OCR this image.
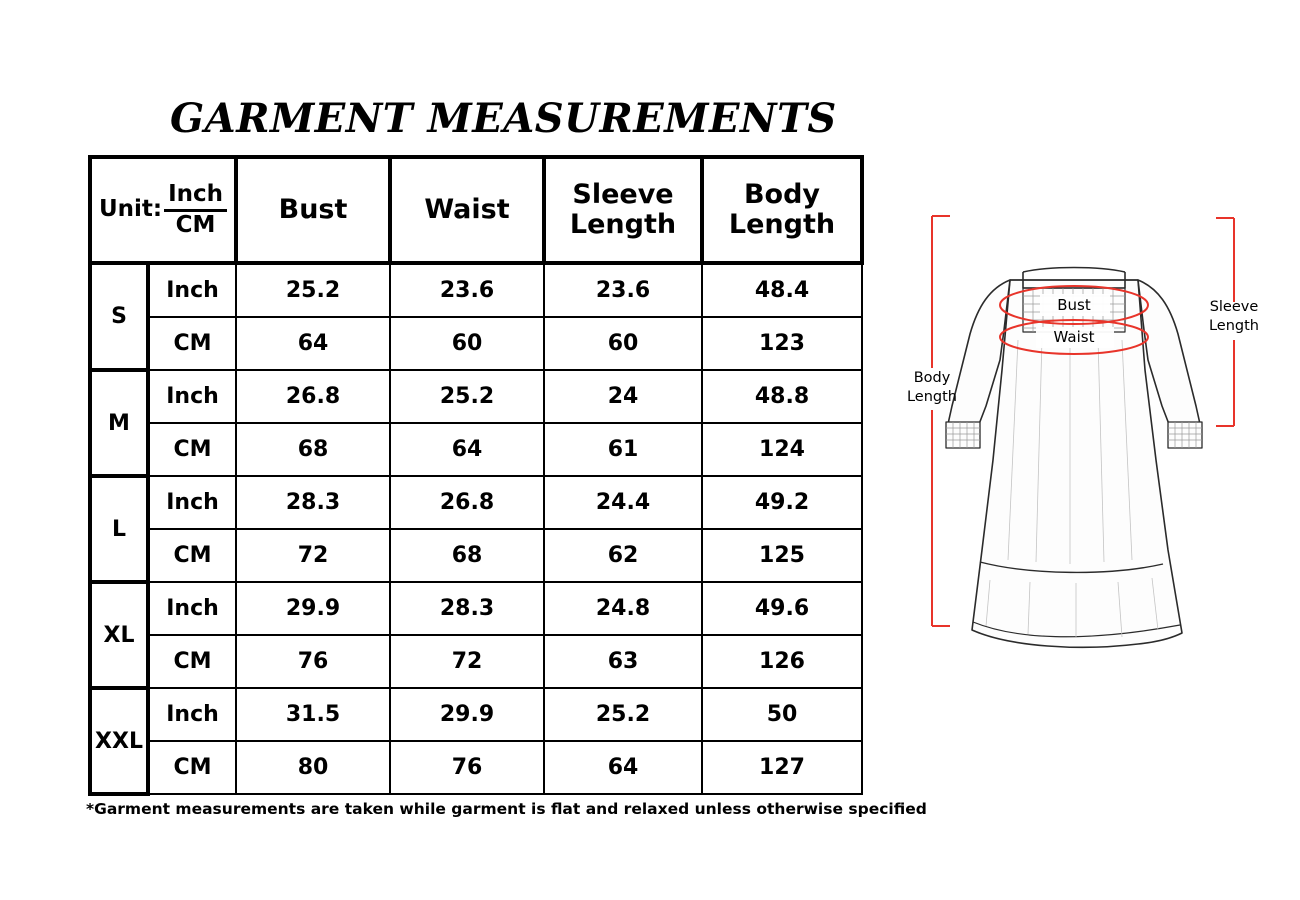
GARMENT MEASUREMENTS
Unit: $\frac{\text{Inch}}{CM}$		Bust	Waist	Sleeve Length	Body Length
S	Inch	25.2	23.6	23.6	48.4
	CM	64	60	60	123
M	Inch	26.8	25.2	24	48.8
	CM	68	64	61	124
L	Inch	28.3	26.8	24.4	49.2
	CM	72	68	62	125
XL	Inch	29.9	28.3	24.8	49.6
	CM	76	72	63	126
XXL	Inch	31.5	29.9	25.2	50
	CM	80	76	64	127
*Garment measurements are taken while garment is flat and relaxed unless otherwise specified
Bust
Waist
Sleeve
Length
Body
Length
